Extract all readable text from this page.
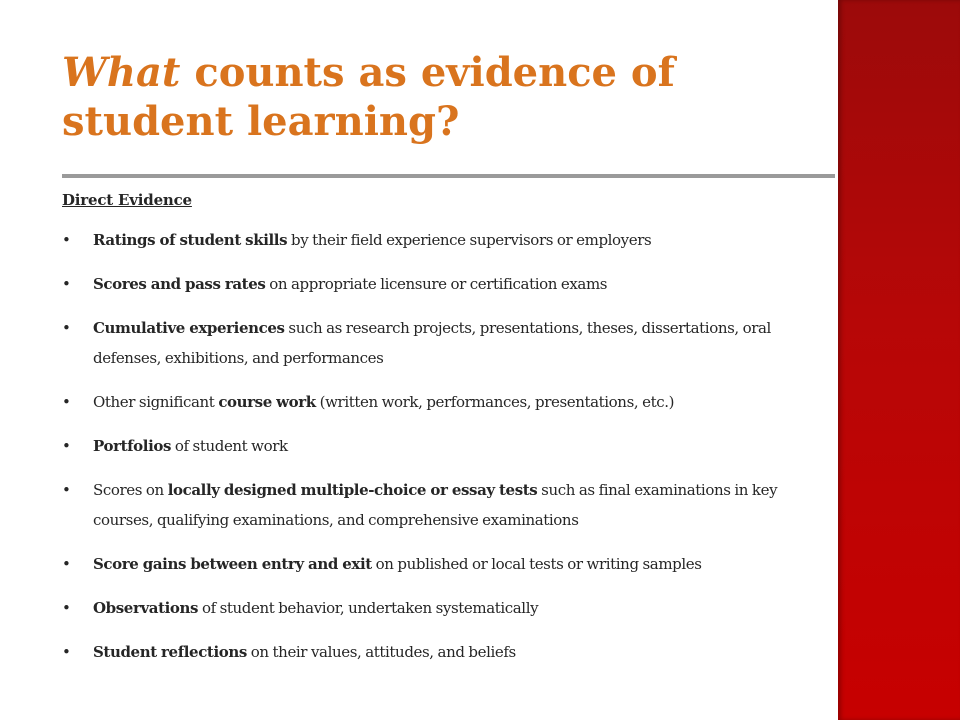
What counts as evidence of student learning?

Direct Evidence

• Ratings of student skills by their field experience supervisors or employers
• Scores and pass rates on appropriate licensure or certification exams
• Cumulative experiences such as research projects, presentations, theses, dissertations, oral defenses, exhibitions, and performances
• Other significant course work (written work, performances, presentations, etc.)
• Portfolios of student work
• Scores on locally designed multiple-choice or essay tests such as final examinations in key courses, qualifying examinations, and comprehensive examinations
• Score gains between entry and exit on published or local tests or writing samples
• Observations of student behavior, undertaken systematically
• Student reflections on their values, attitudes, and beliefs
